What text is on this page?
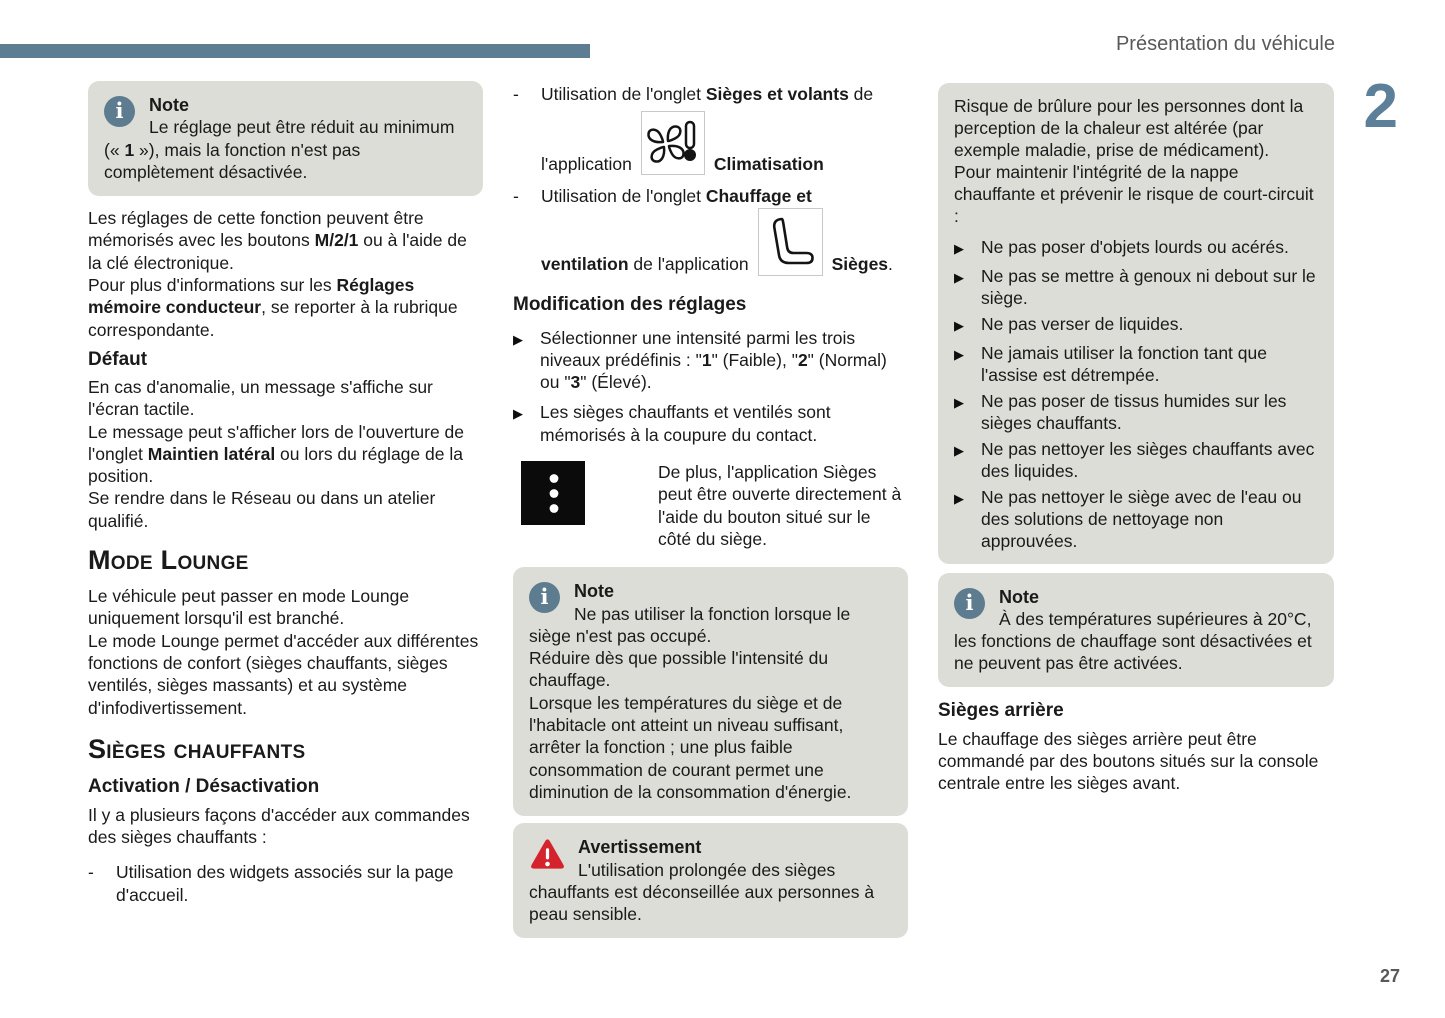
Présentation du véhicule
2
27
i	Note
Le réglage peut être réduit au minimum (« 1 »), mais la fonction n'est pas complètement désactivée.
Les réglages de cette fonction peuvent être mémorisés avec les boutons M/2/1 ou à l'aide de la clé électronique.
Pour plus d'informations sur les Réglages mémoire conducteur, se reporter à la rubrique correspondante.
Défaut
En cas d'anomalie, un message s'affiche sur l'écran tactile.
Le message peut s'afficher lors de l'ouverture de l'onglet Maintien latéral ou lors du réglage de la position.
Se rendre dans le Réseau ou dans un atelier qualifié.
Mode Lounge
Le véhicule peut passer en mode Lounge uniquement lorsqu'il est branché.
Le mode Lounge permet d'accéder aux différentes fonctions de confort (sièges chauffants, sièges ventilés, sièges massants) et au système d'infodivertissement.
Sièges chauffants
Activation / Désactivation
Il y a plusieurs façons d'accéder aux commandes des sièges chauffants :
-	Utilisation des widgets associés sur la page d'accueil.
-	Utilisation de l'onglet Sièges et volants de
l'application	Climatisation
-	Utilisation de l'onglet Chauffage et
ventilation de l'application	Sièges.
Modification des réglages
▶ Sélectionner une intensité parmi les trois niveaux prédéfinis : "1" (Faible), "2" (Normal) ou "3" (Élevé).
▶ Les sièges chauffants et ventilés sont mémorisés à la coupure du contact.
De plus, l'application Sièges peut être ouverte directement à l'aide du bouton situé sur le côté du siège.
i	Note
Ne pas utiliser la fonction lorsque le siège n'est pas occupé.
Réduire dès que possible l'intensité du chauffage.
Lorsque les températures du siège et de l'habitacle ont atteint un niveau suffisant, arrêter la fonction ; une plus faible consommation de courant permet une diminution de la consommation d'énergie.
Avertissement
L'utilisation prolongée des sièges chauffants est déconseillée aux personnes à peau sensible.
Risque de brûlure pour les personnes dont la perception de la chaleur est altérée (par exemple maladie, prise de médicament).
Pour maintenir l'intégrité de la nappe chauffante et prévenir le risque de court-circuit :
▶ Ne pas poser d'objets lourds ou acérés.
▶ Ne pas se mettre à genoux ni debout sur le siège.
▶ Ne pas verser de liquides.
▶ Ne jamais utiliser la fonction tant que l'assise est détrempée.
▶ Ne pas poser de tissus humides sur les sièges chauffants.
▶ Ne pas nettoyer les sièges chauffants avec des liquides.
▶ Ne pas nettoyer le siège avec de l'eau ou des solutions de nettoyage non approuvées.
i	Note
À des températures supérieures à 20°C, les fonctions de chauffage sont désactivées et ne peuvent pas être activées.
Sièges arrière
Le chauffage des sièges arrière peut être commandé par des boutons situés sur la console centrale entre les sièges avant.
